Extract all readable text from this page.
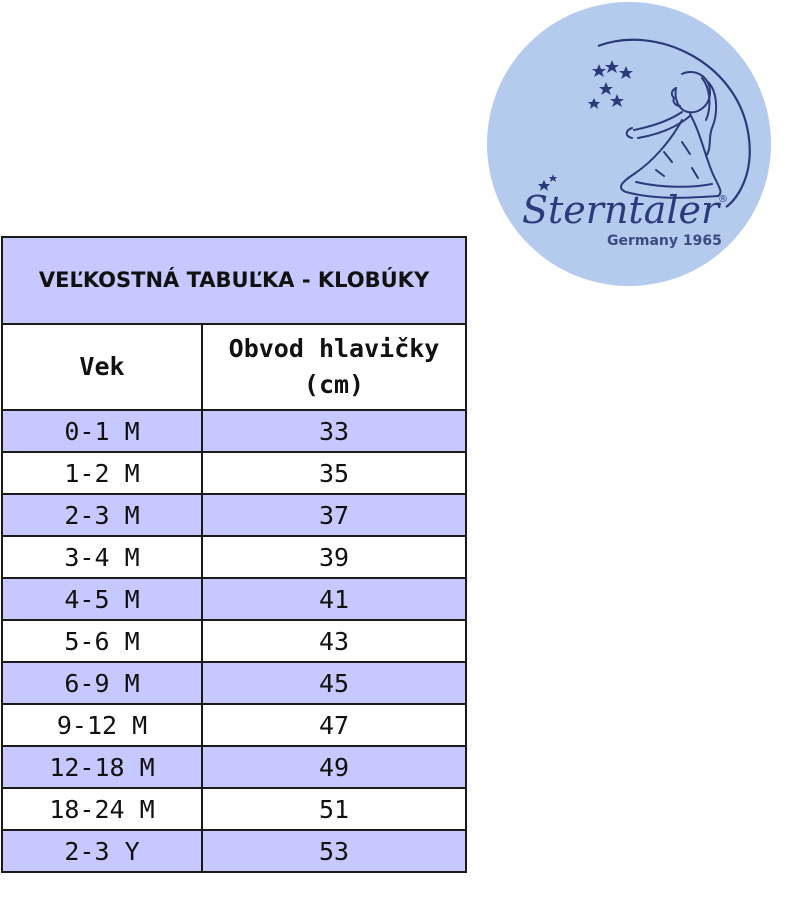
Sterntaler
®
Germany 1965
VEĽKOSTNÁ TABUĽKA - KLOBÚKY	
Vek	Obvod hlavičky (cm)
0-1 M	33
1-2 M	35
2-3 M	37
3-4 M	39
4-5 M	41
5-6 M	43
6-9 M	45
9-12 M	47
12-18 M	49
18-24 M	51
2-3 Y	53
